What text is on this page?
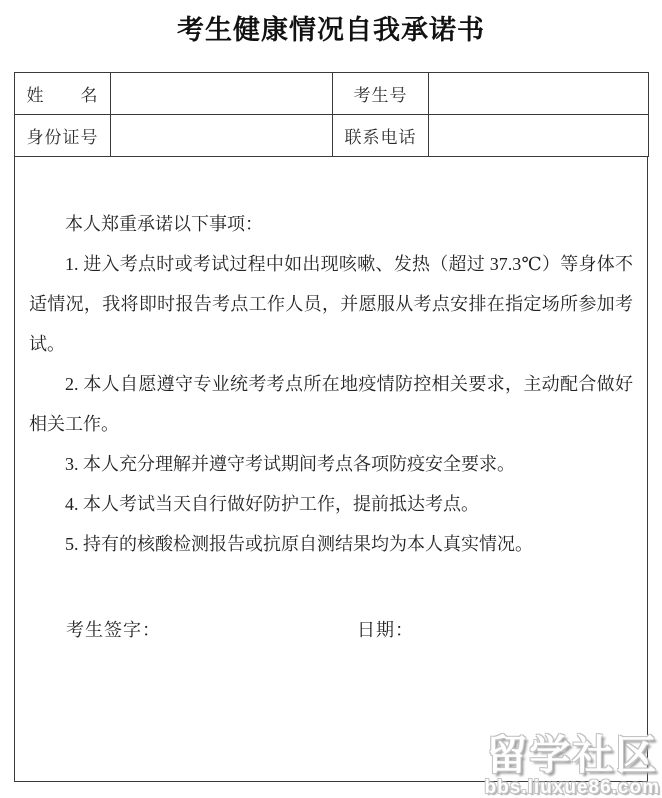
考生健康情况自我承诺书
姓　　名		考生号	
身份证号		联系电话	

本人郑重承诺以下事项：

1. 进入考点时或考试过程中如出现咳嗽、发热（超过 37.3℃）等身体不适情况，我将即时报告考点工作人员，并愿服从考点安排在指定场所参加考试。

2. 本人自愿遵守专业统考考点所在地疫情防控相关要求，主动配合做好相关工作。

3. 本人充分理解并遵守考试期间考点各项防疫安全要求。

4. 本人考试当天自行做好防护工作，提前抵达考点。

5. 持有的核酸检测报告或抗原自测结果均为本人真实情况。

考生签字：	日期：
留学社区
bbs.liuxue86.com
